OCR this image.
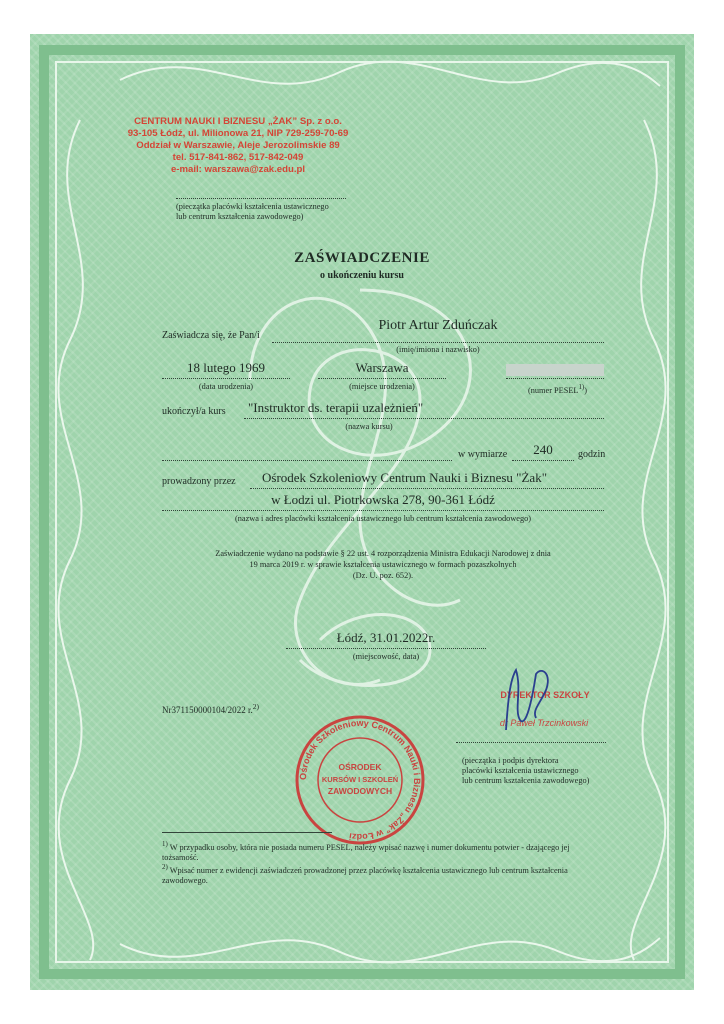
CENTRUM NAUKI I BIZNESU „ŻAK” Sp. z o.o.
93-105 Łódź, ul. Milionowa 21, NIP 729-259-70-69
Oddział w Warszawie, Aleje Jerozolimskie 89
tel. 517-841-862, 517-842-049
e-mail: warszawa@zak.edu.pl
(pieczątka placówki kształcenia ustawicznego
lub centrum kształcenia zawodowego)
ZAŚWIADCZENIE
o ukończeniu kursu
Zaświadcza się, że Pan/i
Piotr Artur Zduńczak
(imię/imiona i nazwisko)
18 lutego 1969
(data urodzenia)
Warszawa
(miejsce urodzenia)	(numer PESEL$^{1)}$)
ukończył/a kurs "Instruktor ds. terapii uzależnień"
(nazwa kursu)
w wymiarze	240	godzin
prowadzony przez Ośrodek Szkoleniowy Centrum Nauki i Biznesu "Żak"
w Łodzi ul. Piotrkowska 278, 90-361 Łódź
(nazwa i adres placówki kształcenia ustawicznego lub centrum kształcenia zawodowego)
Zaświadczenie wydano na podstawie § 22 ust. 4 rozporządzenia Ministra Edukacji Narodowej z dnia
19 marca 2019 r. w sprawie kształcenia ustawicznego w formach pozaszkolnych
(Dz. U. poz. 652).
Łódź, 31.01.2022r.
(miejscowość, data)
Nr371150000104/2022 r.$^{2)}$
Ośrodek Szkoleniowy Centrum Nauki i Biznesu „Żak” w Łodzi
OŚRODEK
KURSÓW I SZKOLEŃ
ZAWODOWYCH
DYREKTOR SZKOŁY
dr Paweł Trzcinkowski
(pieczątka i podpis dyrektora
placówki kształcenia ustawicznego
lub centrum kształcenia zawodowego)
$^{1)}$ W przypadku osoby, która nie posiada numeru PESEL, należy wpisać nazwę i numer dokumentu potwier - dzającego jej tożsamość.
$^{2)}$ Wpisać numer z ewidencji zaświadczeń prowadzonej przez placówkę kształcenia ustawicznego lub centrum kształcenia zawodowego.
